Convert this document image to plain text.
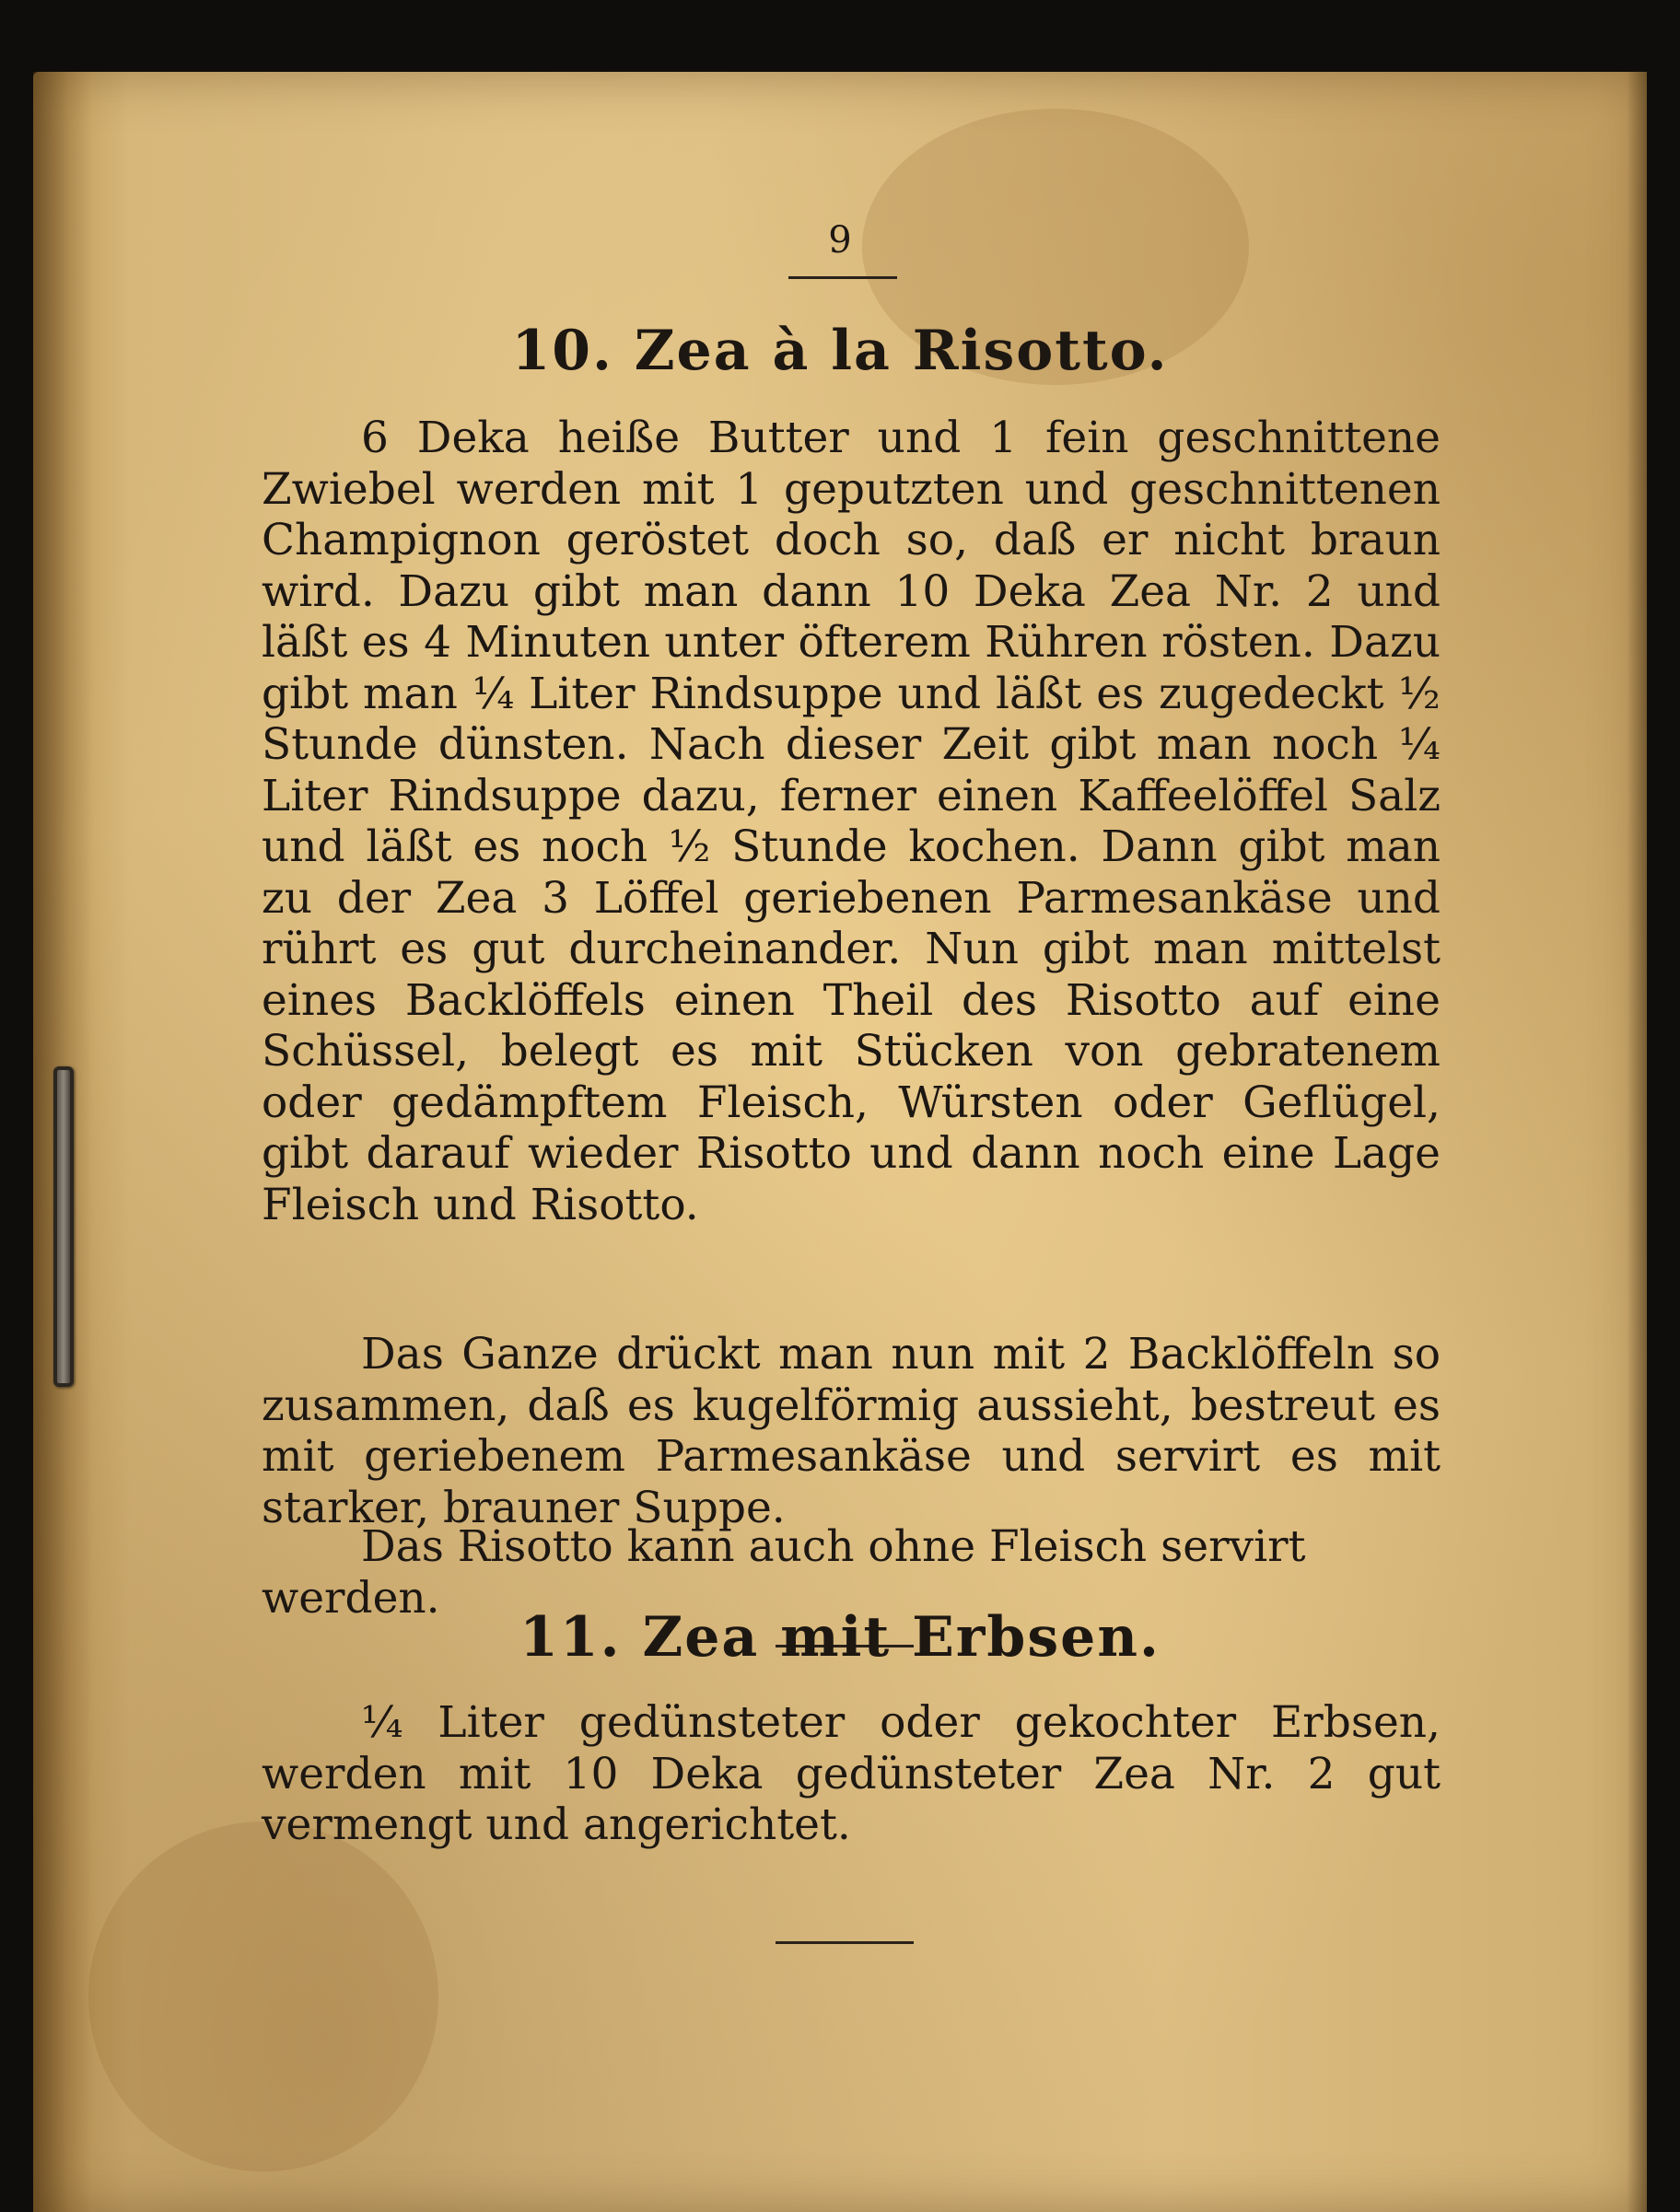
9
10. Zea à la Risotto.
6 Deka heiße Butter und 1 fein geschnittene Zwiebel werden mit 1 geputzten und geschnittenen Champignon geröstet doch so, daß er nicht braun wird. Dazu gibt man dann 10 Deka Zea Nr. 2 und läßt es 4 Minuten unter öfterem Rühren rösten. Dazu gibt man ¼ Liter Rindsuppe und läßt es zugedeckt ½ Stunde dünsten. Nach dieser Zeit gibt man noch ¼ Liter Rindsuppe dazu, ferner einen Kaffeelöffel Salz und läßt es noch ½ Stunde kochen. Dann gibt man zu der Zea 3 Löffel geriebenen Parmesankäse und rührt es gut durcheinander. Nun gibt man mittelst eines Backlöffels einen Theil des Risotto auf eine Schüssel, belegt es mit Stücken von gebratenem oder gedämpftem Fleisch, Würsten oder Geflügel, gibt darauf wieder Risotto und dann noch eine Lage Fleisch und Risotto.
Das Ganze drückt man nun mit 2 Backlöffeln so zusammen, daß es kugelförmig aussieht, bestreut es mit geriebenem Parmesankäse und servirt es mit starker, brauner Suppe.
Das Risotto kann auch ohne Fleisch servirt werden.
11. Zea mit Erbsen.
¼ Liter gedünsteter oder gekochter Erbsen, werden mit 10 Deka gedünsteter Zea Nr. 2 gut vermengt und angerichtet.
